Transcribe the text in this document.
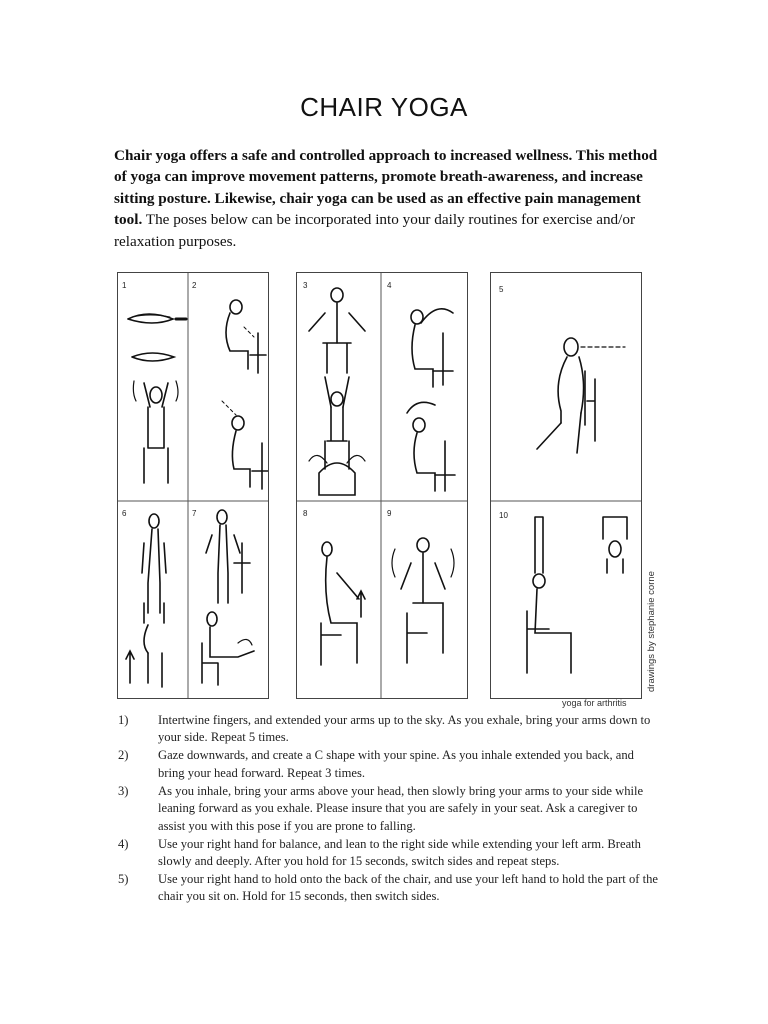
CHAIR YOGA

Chair yoga offers a safe and controlled approach to increased wellness. This method of yoga can improve movement patterns, promote breath-awareness, and increase sitting posture. Likewise, chair yoga can be used as an effective pain management tool. The poses below can be incorporated into your daily routines for exercise and/or relaxation purposes.

1	2
6	7
3	4
8	9
5
10
drawings by stephanie corne
yoga for arthritis
1)	Intertwine fingers, and extended your arms up to the sky. As you exhale, bring your arms down to your side. Repeat 5 times.
2)	Gaze downwards, and create a C shape with your spine. As you inhale extended you back, and bring your head forward. Repeat 3 times.
3)	As you inhale, bring your arms above your head, then slowly bring your arms to your side while leaning forward as you exhale. Please insure that you are safely in your seat. Ask a caregiver to assist you with this pose if you are prone to falling.
4)	Use your right hand for balance, and lean to the right side while extending your left arm. Breath slowly and deeply. After you hold for 15 seconds, switch sides and repeat steps.
5)	Use your right hand to hold onto the back of the chair, and use your left hand to hold the part of the chair you sit on. Hold for 15 seconds, then switch sides.
